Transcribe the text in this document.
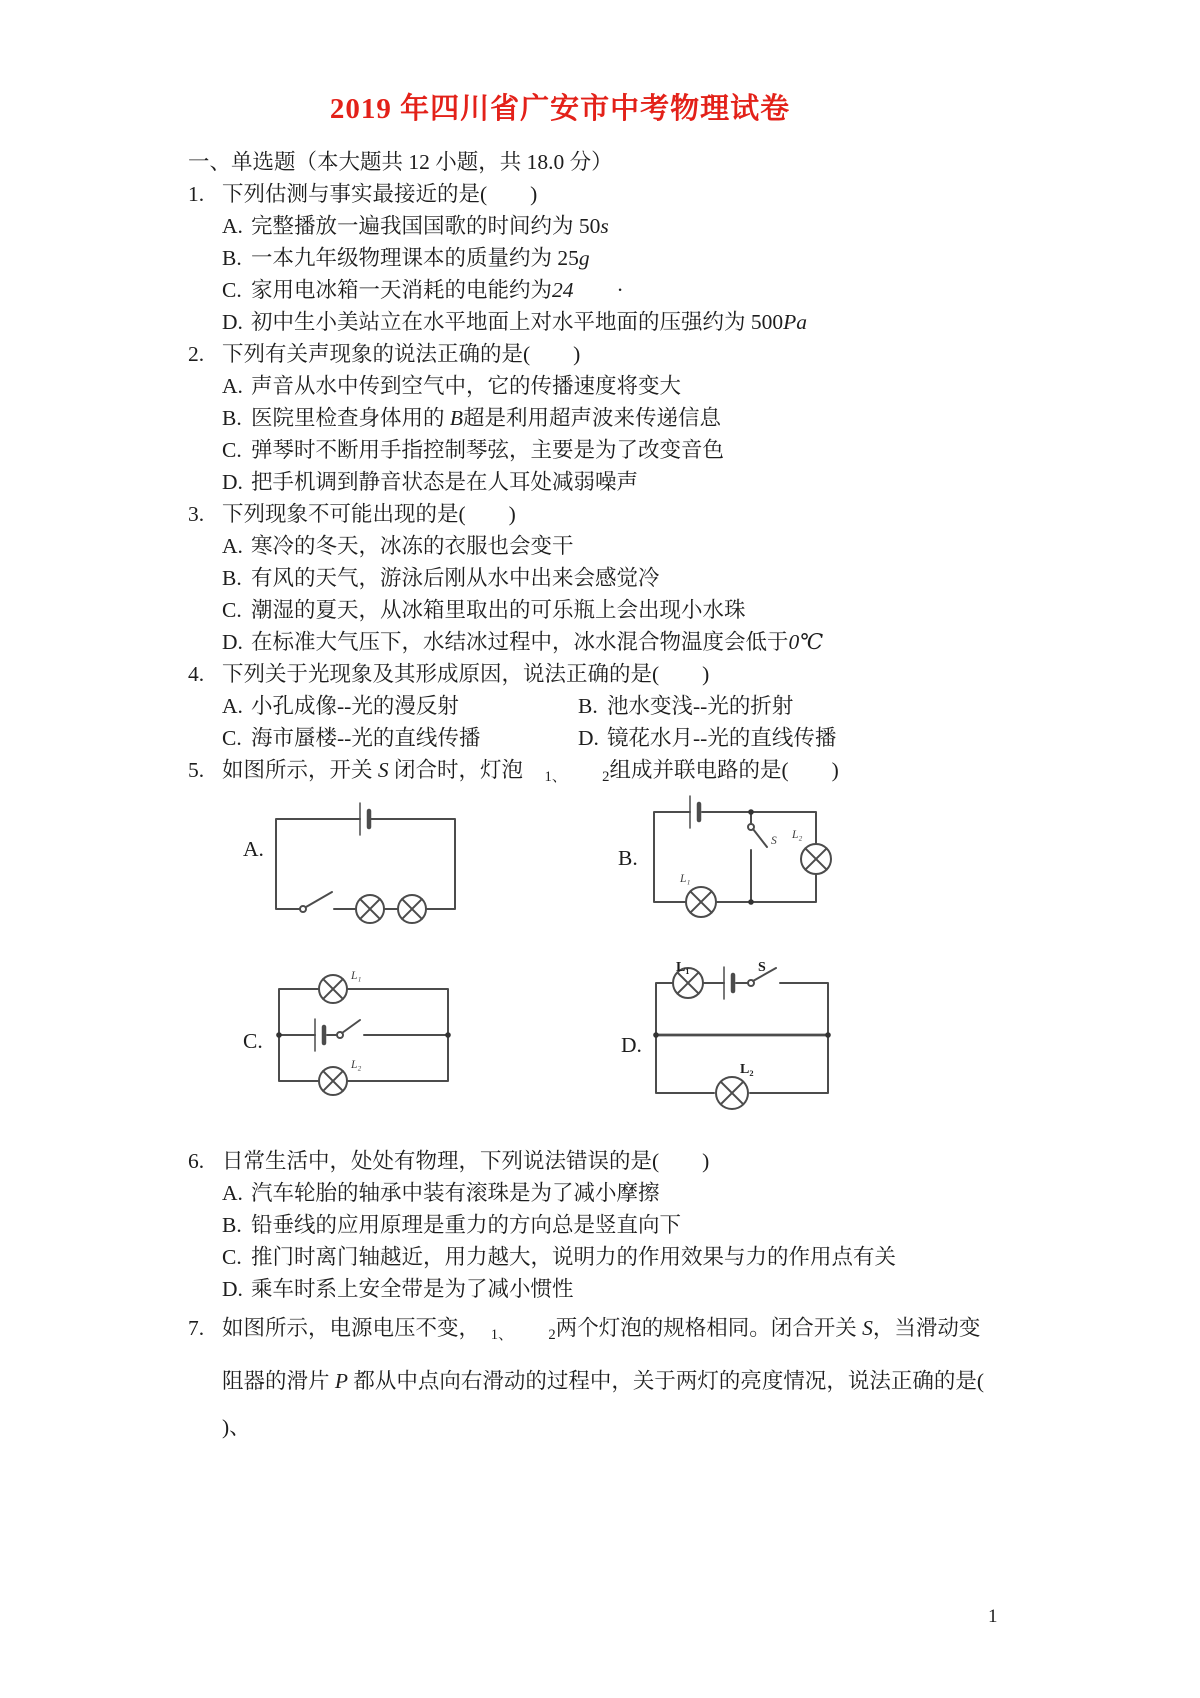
2019 年四川省广安市中考物理试卷
一、单选题（本大题共 12 小题，共 18.0 分）
1. 下列估测与事实最接近的是(　　)
A. 完整播放一遍我国国歌的时间约为 50s
B. 一本九年级物理课本的质量约为 25g
C. 家用电冰箱一天消耗的电能约为24　　·
D. 初中生小美站立在水平地面上对水平地面的压强约为 500Pa
2. 下列有关声现象的说法正确的是(　　)
A. 声音从水中传到空气中，它的传播速度将变大
B. 医院里检查身体用的 B超是利用超声波来传递信息
C. 弹琴时不断用手指控制琴弦，主要是为了改变音色
D. 把手机调到静音状态是在人耳处减弱噪声
3. 下列现象不可能出现的是(　　)
A. 寒冷的冬天，冰冻的衣服也会变干
B. 有风的天气，游泳后刚从水中出来会感觉冷
C. 潮湿的夏天，从冰箱里取出的可乐瓶上会出现小水珠
D. 在标准大气压下，水结冰过程中，冰水混合物温度会低于0℃
4. 下列关于光现象及其形成原因，说法正确的是(　　)
A. 小孔成像--光的漫反射	B. 池水变浅--光的折射
C. 海市蜃楼--光的直线传播	D. 镜花水月--光的直线传播
5. 如图所示，开关 S 闭合时，灯泡　$_{1、}$　　	$_2$组成并联电路的是(　　)
A.	B.
S L₂
L₁
C.
L₁
L₂
D.
L₁	S
L₂
6. 日常生活中，处处有物理，下列说法错误的是(　　)
A. 汽车轮胎的轴承中装有滚珠是为了减小摩擦
B. 铅垂线的应用原理是重力的方向总是竖直向下
C. 推门时离门轴越近，用力越大，说明力的作用效果与力的作用点有关
D. 乘车时系上安全带是为了减小惯性
7. 如图所示，电源电压不变，　$_{1、}$　　	$_2$两个灯泡的规格相同。闭合开关 S，当滑动变
阻器的滑片 P 都从中点向右滑动的过程中，关于两灯的亮度情况，说法正确的是(
)、
1
